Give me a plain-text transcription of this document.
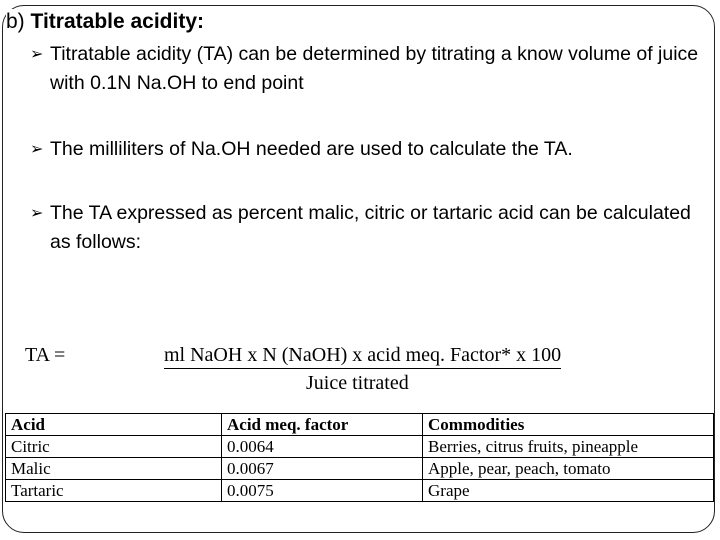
b) Titratable acidity:
➢ Titratable acidity (TA) can be determined by titrating a know volume of juice with 0.1N Na.OH to end point
➢ The milliliters of Na.OH needed are used to calculate the TA.
➢ The TA expressed as percent malic, citric or tartaric acid can be calculated as follows:
TA =	ml NaOH x N (NaOH) x acid meq. Factor* x 100
Juice titrated
Acid	Acid meq. factor	Commodities
Citric	0.0064	Berries, citrus fruits, pineapple
Malic	0.0067	Apple, pear, peach, tomato
Tartaric	0.0075	Grape
